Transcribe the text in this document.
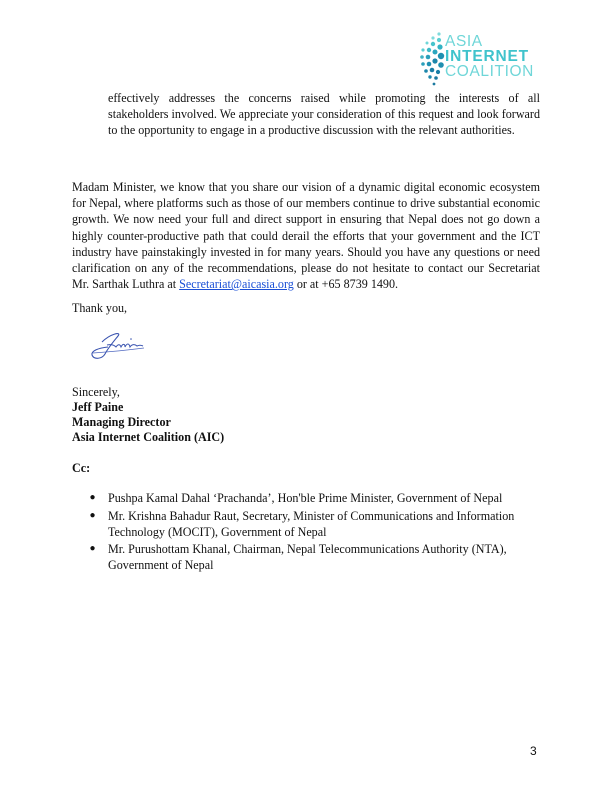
ASIA
INTERNET
COALITION
effectively addresses the concerns raised while promoting the interests of all stakeholders involved. We appreciate your consideration of this request and look forward to the opportunity to engage in a productive discussion with the relevant authorities.
Madam Minister, we know that you share our vision of a dynamic digital economic ecosystem for Nepal, where platforms such as those of our members continue to drive substantial economic growth. We now need your full and direct support in ensuring that Nepal does not go down a highly counter-productive path that could derail the efforts that your government and the ICT industry have painstakingly invested in for many years. Should you have any questions or need clarification on any of the recommendations, please do not hesitate to contact our Secretariat Mr. Sarthak Luthra at Secretariat@aicasia.org or at +65 8739 1490.
Thank you,
Sincerely,
Jeff Paine
Managing Director
Asia Internet Coalition (AIC)
Cc:
● Pushpa Kamal Dahal ‘Prachanda’, Hon'ble Prime Minister, Government of Nepal
● Mr. Krishna Bahadur Raut, Secretary, Minister of Communications and Information Technology (MOCIT), Government of Nepal
● Mr. Purushottam Khanal, Chairman, Nepal Telecommunications Authority (NTA), Government of Nepal
3
